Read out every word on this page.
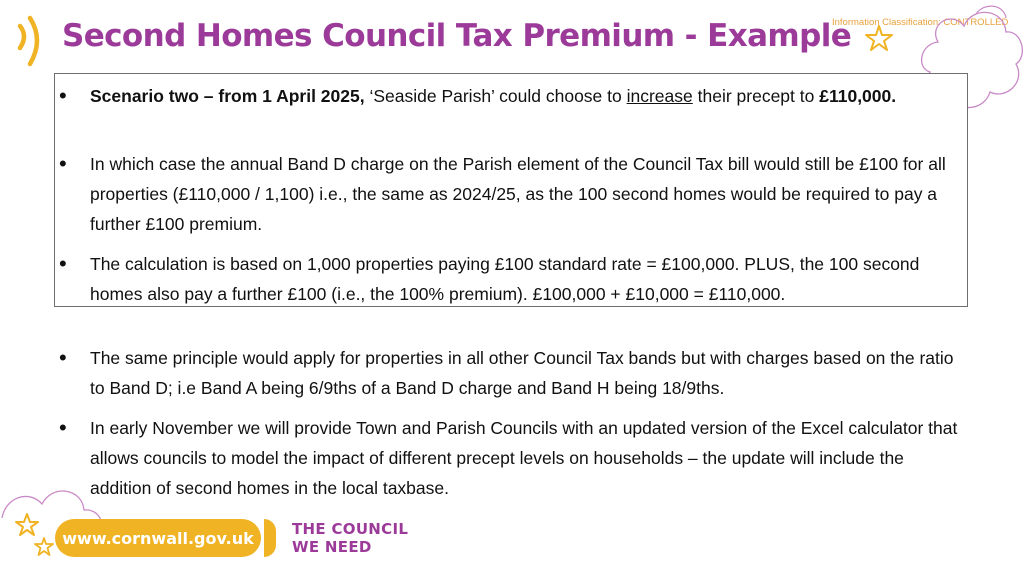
Second Homes Council Tax Premium - Example
Information Classification: CONTROLLED
• Scenario two – from 1 April 2025, ‘Seaside Parish’ could choose to increase their precept to £110,000.
• In which case the annual Band D charge on the Parish element of the Council Tax bill would still be £100 for all properties (£110,000 / 1,100) i.e., the same as 2024/25, as the 100 second homes would be required to pay a further £100 premium.
• The calculation is based on 1,000 properties paying £100 standard rate = £100,000. PLUS, the 100 second homes also pay a further £100 (i.e., the 100% premium). £100,000 + £10,000 = £110,000.
• The same principle would apply for properties in all other Council Tax bands but with charges based on the ratio to Band D; i.e Band A being 6/9ths of a Band D charge and Band H being 18/9ths.
• In early November we will provide Town and Parish Councils with an updated version of the Excel calculator that allows councils to model the impact of different precept levels on households – the update will include the addition of second homes in the local taxbase.
www.cornwall.gov.uk	THE COUNCIL
WE NEED
